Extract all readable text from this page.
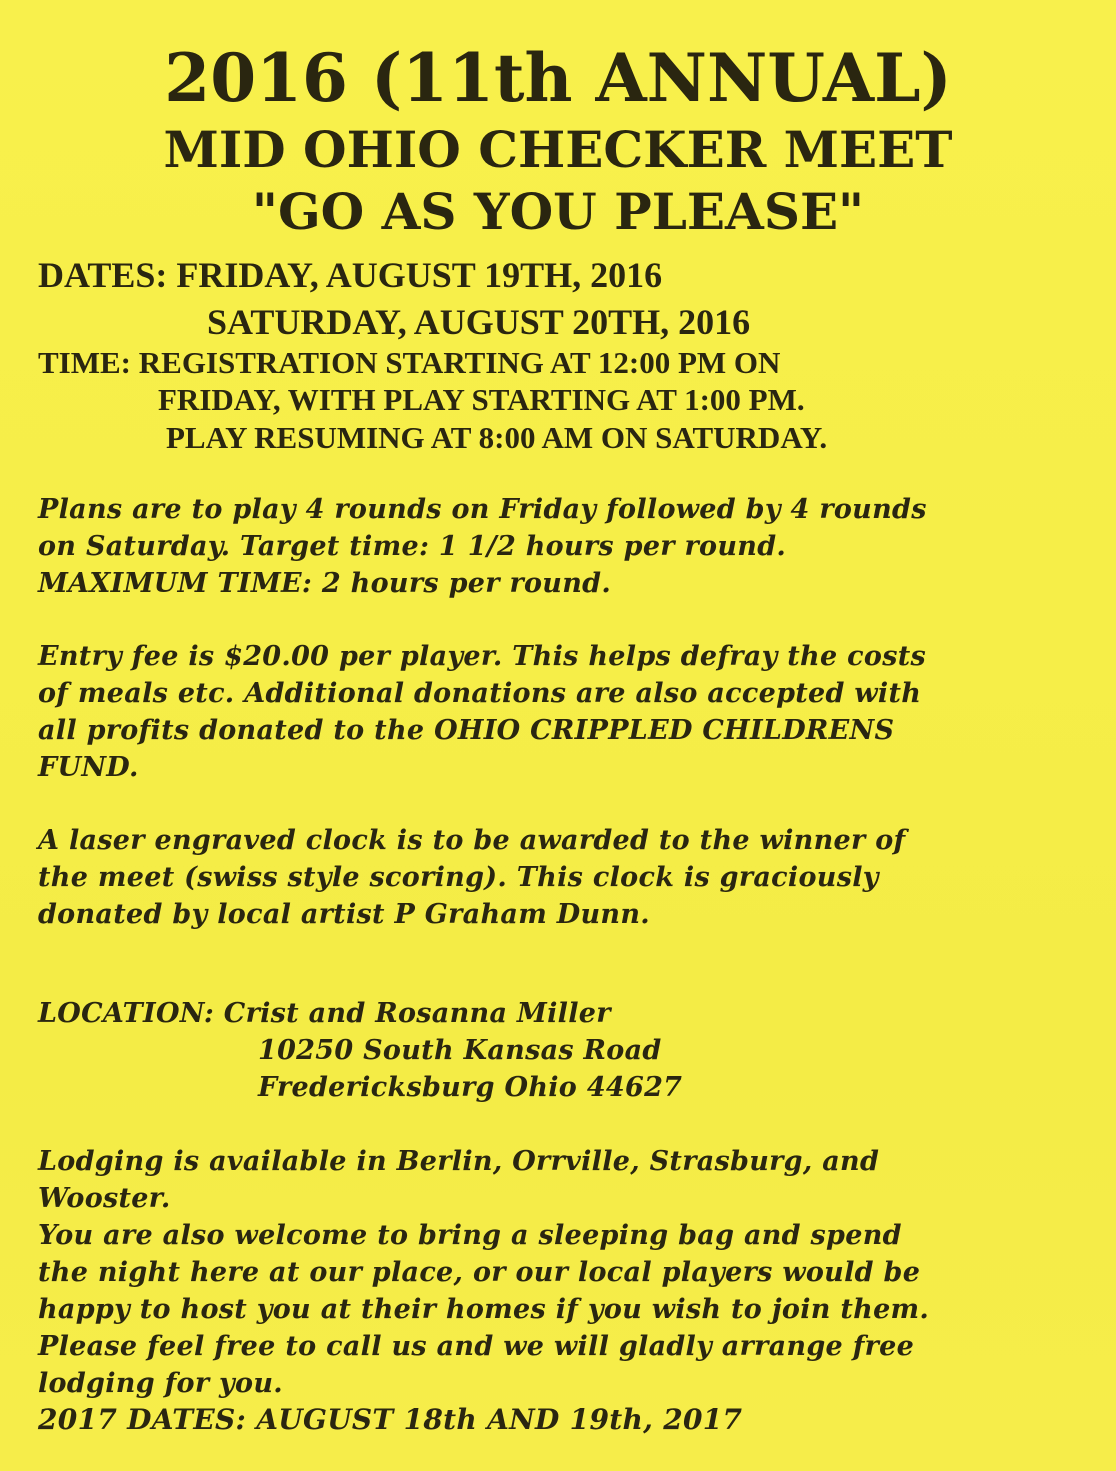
2016 (11th ANNUAL)
MID OHIO CHECKER MEET
"GO AS YOU PLEASE"
DATES: FRIDAY, AUGUST 19TH, 2016
SATURDAY, AUGUST 20TH, 2016
TIME: REGISTRATION STARTING AT 12:00 PM ON
FRIDAY, WITH PLAY STARTING AT 1:00 PM.
PLAY RESUMING AT 8:00 AM ON SATURDAY.
Plans are to play 4 rounds on Friday followed by 4 rounds
on Saturday. Target time: 1 1/2 hours per round.
MAXIMUM TIME: 2 hours per round.
Entry fee is $20.00 per player. This helps defray the costs
of meals etc. Additional donations are also accepted with
all profits donated to the OHIO CRIPPLED CHILDRENS
FUND.
A laser engraved clock is to be awarded to the winner of
the meet (swiss style scoring). This clock is graciously
donated by local artist P Graham Dunn.
LOCATION: Crist and Rosanna Miller
10250 South Kansas Road
Fredericksburg Ohio 44627
Lodging is available in Berlin, Orrville, Strasburg, and
Wooster.
You are also welcome to bring a sleeping bag and spend
the night here at our place, or our local players would be
happy to host you at their homes if you wish to join them.
Please feel free to call us and we will gladly arrange free
lodging for you.
2017 DATES: AUGUST 18th AND 19th, 2017
